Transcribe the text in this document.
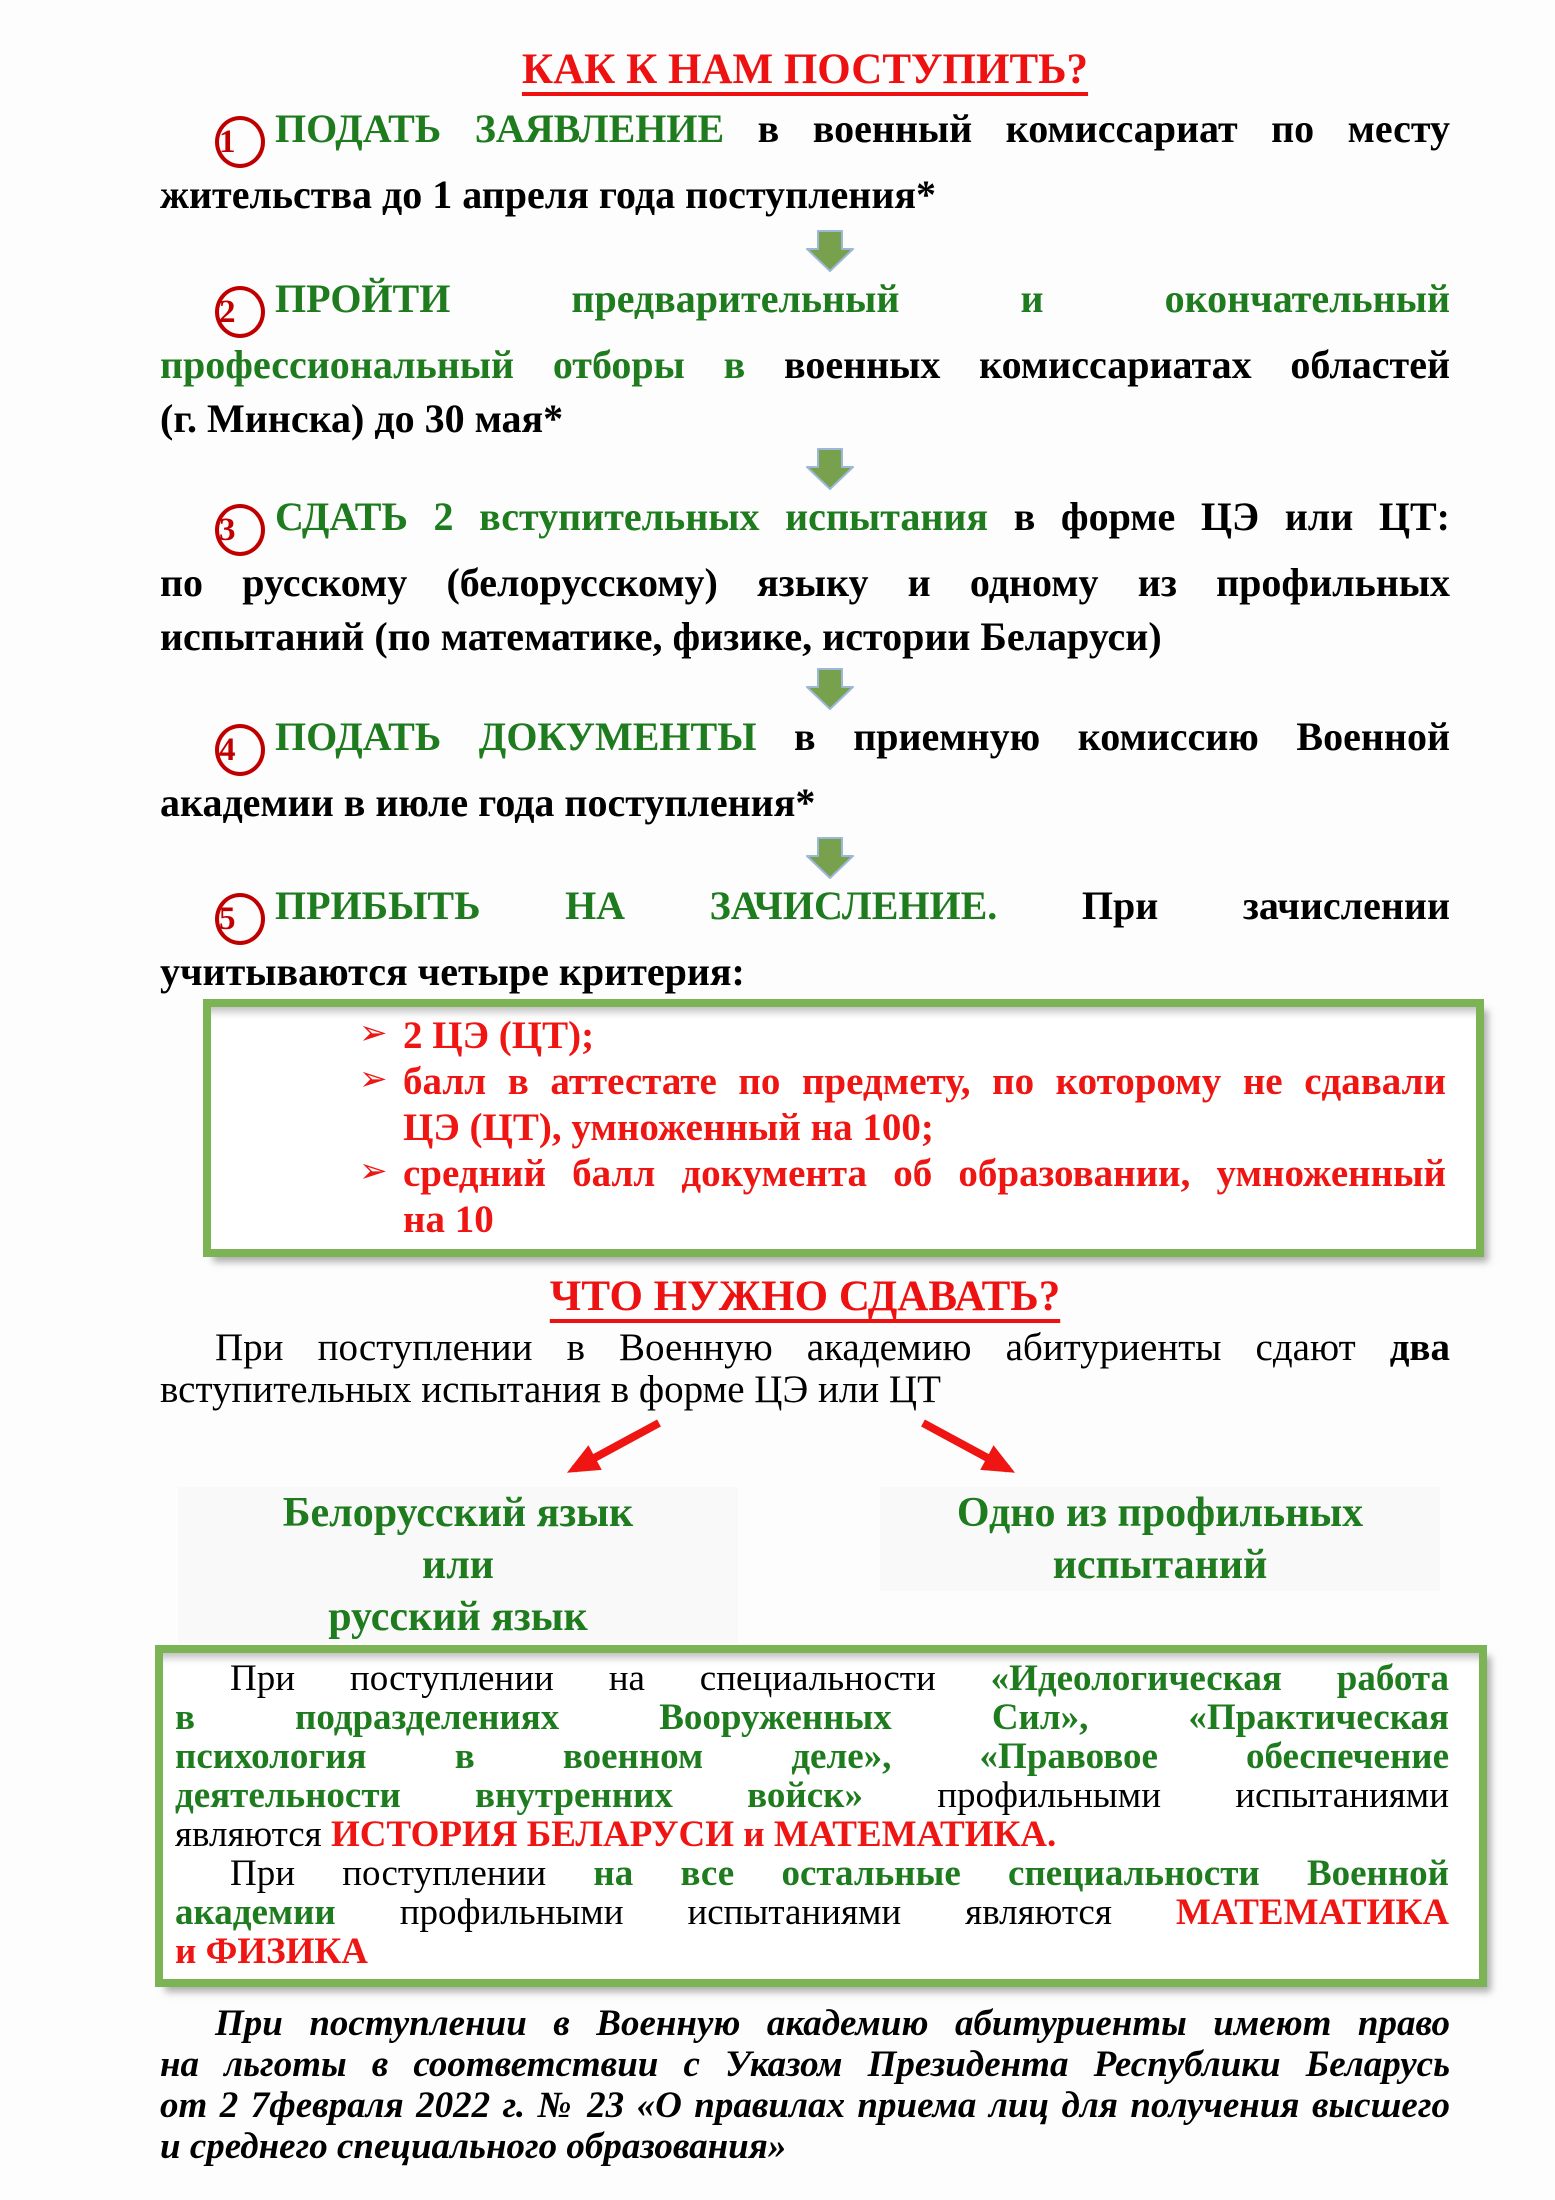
КАК К НАМ ПОСТУПИТЬ?
1 ПОДАТЬ ЗАЯВЛЕНИЕ в военный комиссариат по месту
жительства до 1 апреля года поступления*
2 ПРОЙТИ предварительный и окончательный
профессиональный отборы в военных комиссариатах областей
(г. Минска) до 30 мая*
3 СДАТЬ 2 вступительных испытания в форме ЦЭ или ЦТ:
по русскому (белорусскому) языку и одному из профильных
испытаний (по математике, физике, истории Беларуси)
4 ПОДАТЬ ДОКУМЕНТЫ в приемную комиссию Военной
академии в июле года поступления*
5 ПРИБЫТЬ НА ЗАЧИСЛЕНИЕ. При зачислении
учитываются четыре критерия:
➢ 2 ЦЭ (ЦТ);
➢ балл в аттестате по предмету, по которому не сдавали
ЦЭ (ЦТ), умноженный на 100;
➢ средний балл документа об образовании, умноженный
на 10
ЧТО НУЖНО СДАВАТЬ?
При поступлении в Военную академию абитуриенты сдают два
вступительных испытания в форме ЦЭ или ЦТ
Белорусский язык
или
русский язык
Одно из профильных
испытаний
При поступлении на специальности «Идеологическая работа
в подразделениях Вооруженных Сил», «Практическая
психология в военном деле», «Правовое обеспечение
деятельности внутренних войск» профильными испытаниями
являются ИСТОРИЯ БЕЛАРУСИ и МАТЕМАТИКА.
При поступлении на все остальные специальности Военной
академии профильными испытаниями являются МАТЕМАТИКА
и ФИЗИКА
При поступлении в Военную академию абитуриенты имеют право
на льготы в соответствии с Указом Президента Республики Беларусь
от 2 7февраля 2022 г. № 23 «О правилах приема лиц для получения высшего
и среднего специального образования»
